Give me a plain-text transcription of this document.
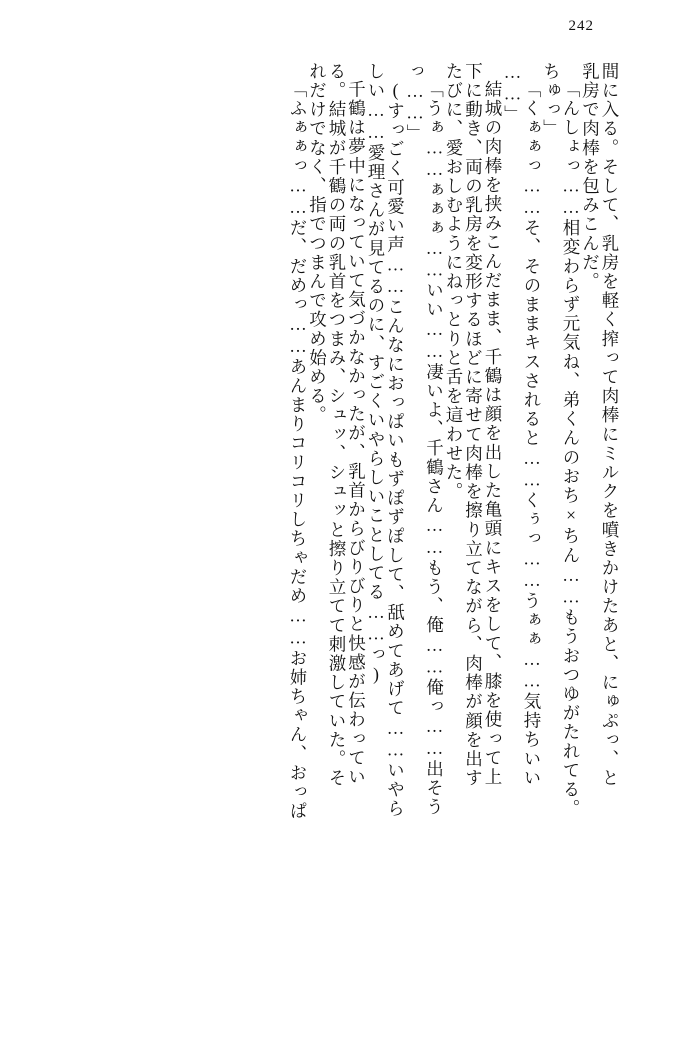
242
間に入る。そして、乳房を軽く搾って肉棒にミルクを噴きかけたあと、にゅぷっ、と
乳房で肉棒を包みこんだ。
「んしょっ……相変わらず元気ね、弟くんのおち×ちん……もうおつゆがたれてる。
ちゅっ」
「くぁぁっ……そ、そのままキスされると……くぅっ……うぁぁ……気持ちいい
……」
結城の肉棒を挟みこんだまま、千鶴は顔を出した亀頭にキスをして、膝を使って上
下に動き、両の乳房を変形するほどに寄せて肉棒を擦り立てながら、肉棒が顔を出す
たびに、愛おしむようにねっとりと舌を這わせた。
「うぁ……ぁぁぁ……いい……凄いよ、千鶴さん……もう、俺……俺っ……出そう
っ……」
(すっごく可愛い声……こんなにおっぱいもずぽずぽして、舐めてあげて……いやら
しい……愛理さんが見てるのに、すごくいやらしいことしてる……っ)
千鶴は夢中になっていて気づかなかったが、乳首からびりびりと快感が伝わってい
る。結城が千鶴の両の乳首をつまみ、シュッ、シュッと擦り立てて刺激していた。そ
れだけでなく、指でつまんで攻め始める。
「ふぁぁっ……だ、だめっ……あんまりコリコリしちゃだめ……お姉ちゃん、おっぱ
